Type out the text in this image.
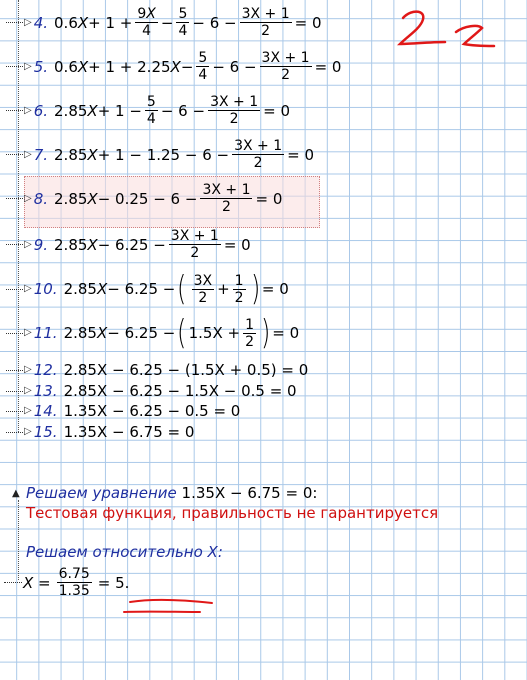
▷ 4. 0.6 $X + 1 + \frac{9X}{4} - \frac{5}{4} - 6 - \frac{3X + 1}{2} = 0$
▷ 5. 0.6 X + 1 + 2.25 $X - \frac{5}{4} - 6 - \frac{3X + 1}{2} = 0$
▷ 6. 2.85 $X + 1 - \frac{5}{4} - 6 - \frac{3X + 1}{2} = 0$
▷ 7. 2.85 $X + 1 - 1.25 - 6 - \frac{3X + 1}{2} = 0$
▷ 8. 2.85 $X - 0.25 - 6 - \frac{3X + 1}{2} = 0$
▷ 9. 2.85 $X - 6.25 - \frac{3X + 1}{2} = 0$
▷ 10. 2.85 X − 6.25 − ( $\frac{3X}{2} + \frac{1}{2}$ ) = 0
▷ 11. 2.85 X − 6.25 − ( $1.5X + \frac{1}{2}$ ) = 0
▷ 12. 2.85X − 6.25 − (1.5X + 0.5) = 0
▷ 13. 2.85X − 6.25 − 1.5X − 0.5 = 0
▷ 14. 1.35X − 6.25 − 0.5 = 0
▷ 15. 1.35X − 6.75 = 0
▲ Решаем уравнение 1.35X − 6.75 = 0:
Тестовая функция, правильность не гарантируется
Решаем относительно X:
$X = \frac{6.75}{1.35} = 5$.
